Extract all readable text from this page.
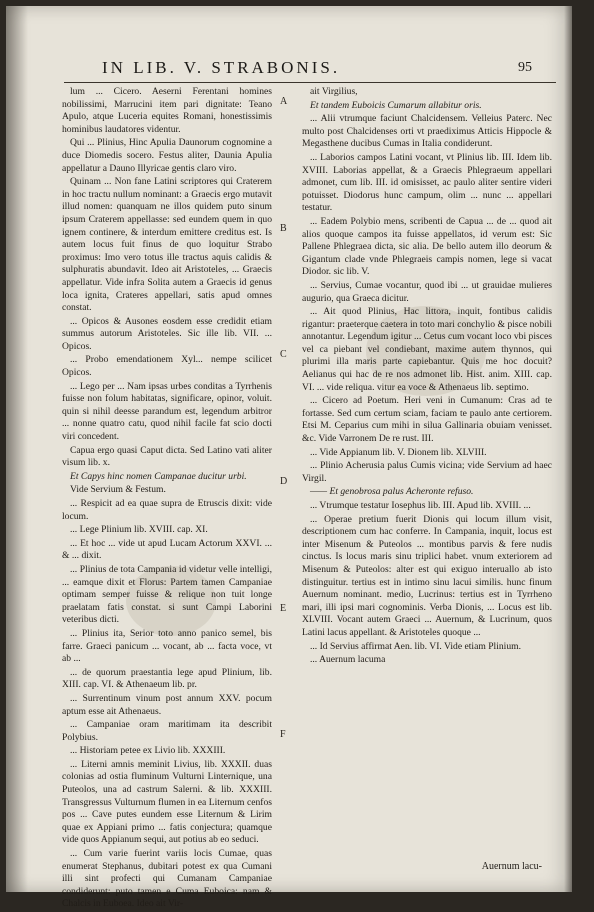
IN LIB. V. STRABONIS.	95

lum ... Cicero. Aeserni Ferentani homines nobilissimi, Marrucini item pari dignitate: Teano Apulo, atque Luceria equites Romani, honestissimis hominibus laudatores videntur.

Qui ... Plinius, Hinc Apulia Daunorum cognomine a duce Diomedis socero. Festus aliter, Daunia Apulia appellatur a Dauno Illyricae gentis claro viro.

Quinam ... Non fane Latini scriptores qui Craterem in hoc tractu nullum nominant: a Graecis ergo mutavit illud nomen: quanquam ne illos quidem puto sinum ipsum Craterem appellasse: sed eundem quem in quo ignem continere, & interdum emittere creditus est. Is autem locus fuit finus de quo loquitur Strabo proximus: Imo vero totus ille tractus aquis calidis & sulphuratis abundavit. Ideo ait Aristoteles, ... Graecis appellatur. Vide infra Solita autem a Graecis id genus loca ignita, Crateres appellari, satis apud omnes constat.

... Opicos & Ausones eosdem esse credidit etiam summus autorum Aristoteles. Sic ille lib. VII. ... Opicos.

... Probo emendationem Xyl... nempe scilicet Opicos.

... Lego per ... Nam ipsas urbes conditas a Tyrrhenis fuisse non folum habitatas, significare, opinor, voluit. quin si nihil deesse parandum est, legendum arbitror ... nonne quatro catu, quod nihil facile fat scio docti viri concedent.

Capua ergo quasi Caput dicta. Sed Latino vati aliter visum lib. x.

Et Capys hinc nomen Campanae ducitur urbi.

Vide Servium & Festum.

... Respicit ad ea quae supra de Etruscis dixit: vide locum.

... Lege Plinium lib. XVIII. cap. XI.

... Et hoc ... vide ut apud Lucam Actorum XXVI. ... & ... dixit.

... Plinius de tota Campania id videtur velle intelligi, ... eamque dixit et Florus: Partem tamen Campaniae optimam semper fuisse & relique non tuit longe praelatam fatis constat. si sunt Campi Laborini veteribus dicti.

... Plinius ita, Serior toto anno panico semel, bis farre. Graeci panicum ... vocant, ab ... facta voce, vt ab ...

... de quorum praestantia lege apud Plinium, lib. XIII. cap. VI. & Athenaeum lib. pr.

... Surrentinum vinum post annum XXV. pocum aptum esse ait Athenaeus.

... Campaniae oram maritimam ita describit Polybius.

... Historiam petee ex Livio lib. XXXIII.

... Literni amnis meminit Livius, lib. XXXII. duas colonias ad ostia fluminum Vulturni Linternique, una Puteolos, una ad castrum Salerni. & lib. XXXIII. Transgressus Vulturnum flumen in ea Liternum cenfos pos ... Cave putes eundem esse Liternum & Lirim quae ex Appiani primo ... fatis conjectura; quamque vide quos Appianum sequi, aut potius ab eo seduci.

... Cum varie fuerint variis locis Cumae, quas enumerat Stephanus, dubitari potest ex qua Cumani illi sint profecti qui Cumanam Campaniae condiderunt: puto tamen e Cuma Euboica: nam & Chalcis in Euboea. Ideo ait Vir-

A
B
C
D
E
F

ait Virgilius,

Et tandem Euboicis Cumarum allabitur oris.

... Alii vtrumque faciunt Chalcidensem. Velleius Paterc. Nec multo post Chalcidenses orti vt praediximus Atticis Hippocle & Megasthene ducibus Cumas in Italia condiderunt.

... Laborios campos Latini vocant, vt Plinius lib. III. Idem lib. XVIII. Laborias appellat, & a Graecis Phlegraeum appellari admonet, cum lib. III. id omisisset, ac paulo aliter sentire videri potuisset. Diodorus hunc campum, olim ... nunc ... appellari testatur.

... Eadem Polybio mens, scribenti de Capua ... de ... quod ait alios quoque campos ita fuisse appellatos, id verum est: Sic Pallene Phlegraea dicta, sic alia. De bello autem illo deorum & Gigantum clade vnde Phlegraeis campis nomen, lege si vacat Diodor. sic lib. V.

... Servius, Cumae vocantur, quod ibi ... ut grauidae mulieres augurio, qua Graeca dicitur.

... Ait quod Plinius, Hac littora, inquit, fontibus calidis rigantur: praeterque caetera in toto mari conchylio & pisce nobili annotantur. Legendum igitur ... Cetus cum vocant loco vbi pisces vel ca piebant vel condiebant, maxime autem thynnos, qui plurimi illa maris parte capiebantur. Quis me hoc docuit? Aelianus qui hac de re nos admonet lib. Hist. anim. XIII. cap. VI. ... vide reliqua. vitur ea voce & Athenaeus lib. septimo.

... Cicero ad Poetum. Heri veni in Cumanum: Cras ad te fortasse. Sed cum certum sciam, faciam te paulo ante certiorem. Etsi M. Ceparius cum mihi in silua Gallinaria obuiam venisset. &c. Vide Varronem De re rust. III.

... Vide Appianum lib. V. Dionem lib. XLVIII.

... Plinio Acherusia palus Cumis vicina; vide Servium ad haec Virgil.

—— Et genobrosa palus Acheronte refuso.

... Vtrumque testatur Iosephus lib. III. Apud lib. XVIII. ...

... Operae pretium fuerit Dionis qui locum illum visit, descriptionem cum hac conferre. In Campania, inquit, locus est inter Misenum & Puteolos ... montibus parvis & fere nudis cinctus. Is locus maris sinu triplici habet. vnum exteriorem ad Misenum & Puteolos: alter est qui exiguo interuallo ab isto distinguitur. tertius est in intimo sinu lacui similis. hunc finum Auernum nominant. medio, Lucrinus: tertius est in Tyrrheno mari, illi ipsi mari cognominis. Verba Dionis, ... Locus est lib. XLVIII. Vocant autem Graeci ... Auernum, & Lucrinum, quos Latini lacus appellant. & Aristoteles quoque ...

... Id Servius affirmat Aen. lib. VI. Vide etiam Plinium.

... Auernum lacuma

Auernum lacu-
